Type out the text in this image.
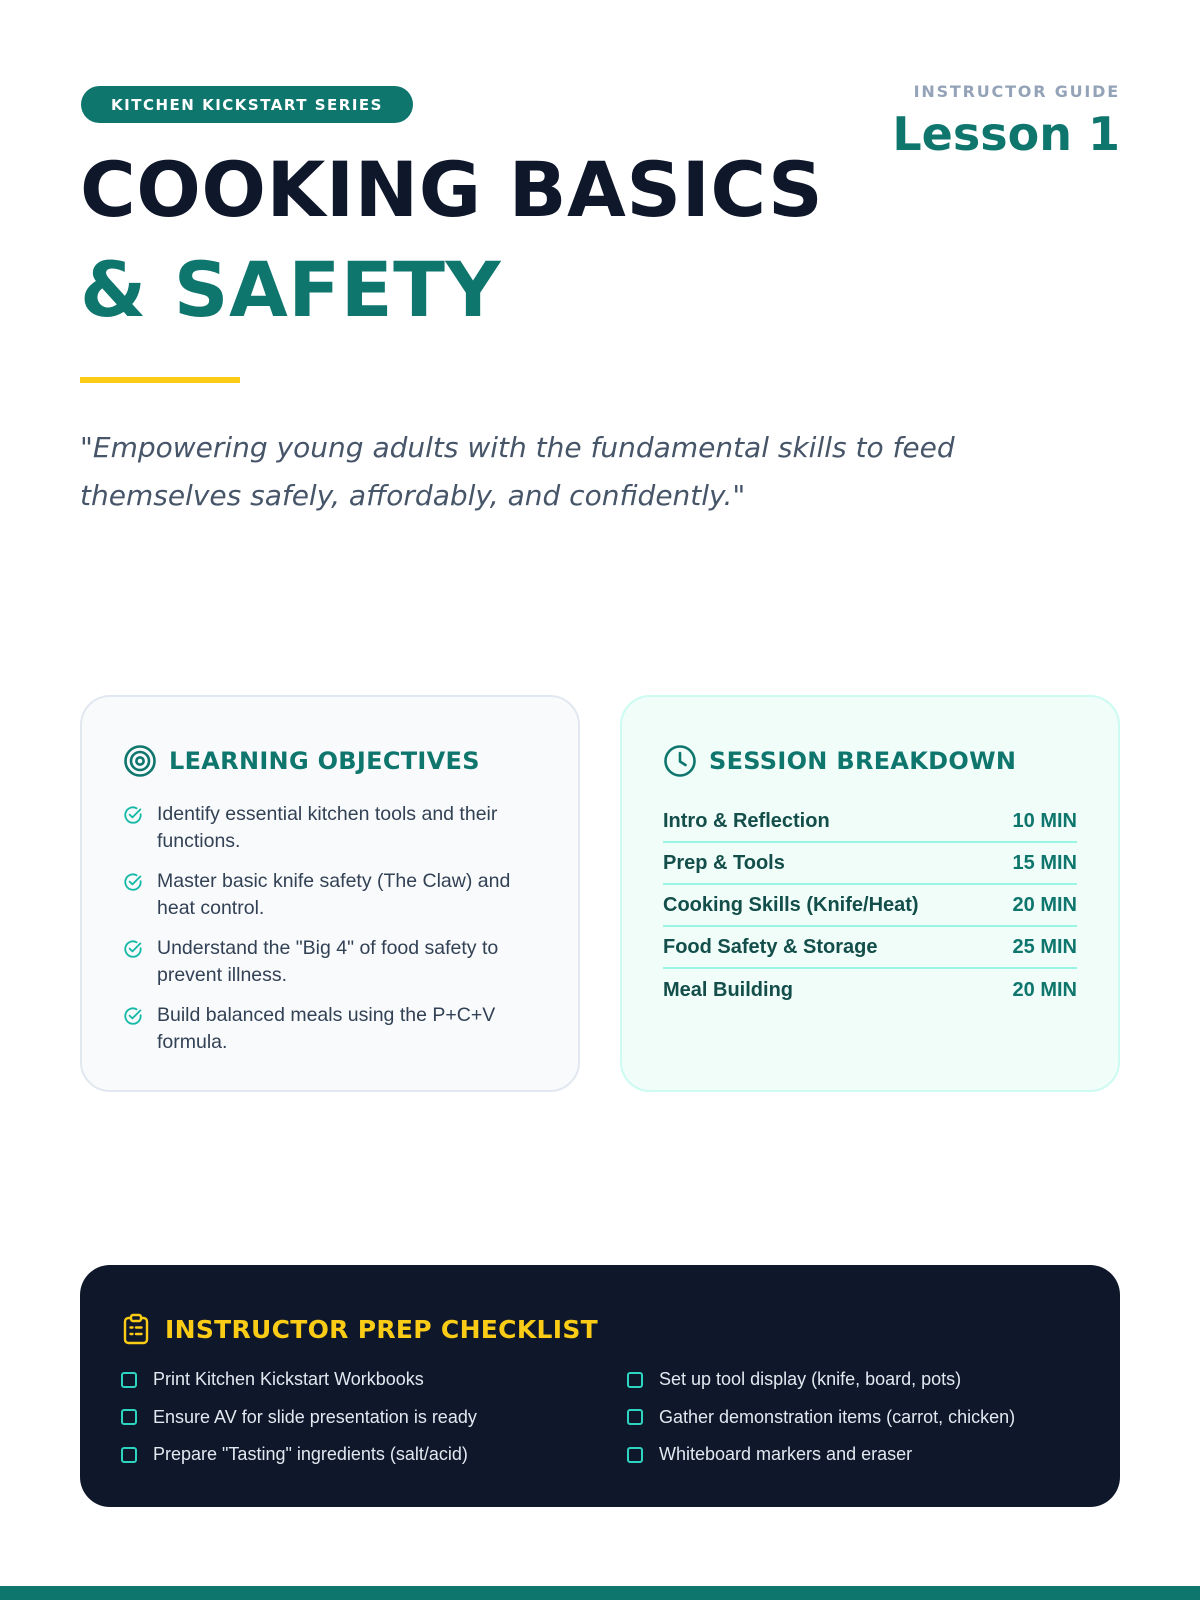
KITCHEN KICKSTART SERIES
INSTRUCTOR GUIDE
Lesson 1
COOKING BASICS
& SAFETY

"Empowering young adults with the fundamental skills to feed themselves safely, affordably, and confidently."

LEARNING OBJECTIVES
Identify essential kitchen tools and their functions.
Master basic knife safety (The Claw) and heat control.
Understand the "Big 4" of food safety to prevent illness.
Build balanced meals using the P+C+V formula.
SESSION BREAKDOWN
Intro & Reflection	10 MIN
Prep & Tools	15 MIN
Cooking Skills (Knife/Heat)	20 MIN
Food Safety & Storage	25 MIN
Meal Building	20 MIN
INSTRUCTOR PREP CHECKLIST
Print Kitchen Kickstart Workbooks	Set up tool display (knife, board, pots)
Ensure AV for slide presentation is ready	Gather demonstration items (carrot, chicken)
Prepare "Tasting" ingredients (salt/acid)	Whiteboard markers and eraser
